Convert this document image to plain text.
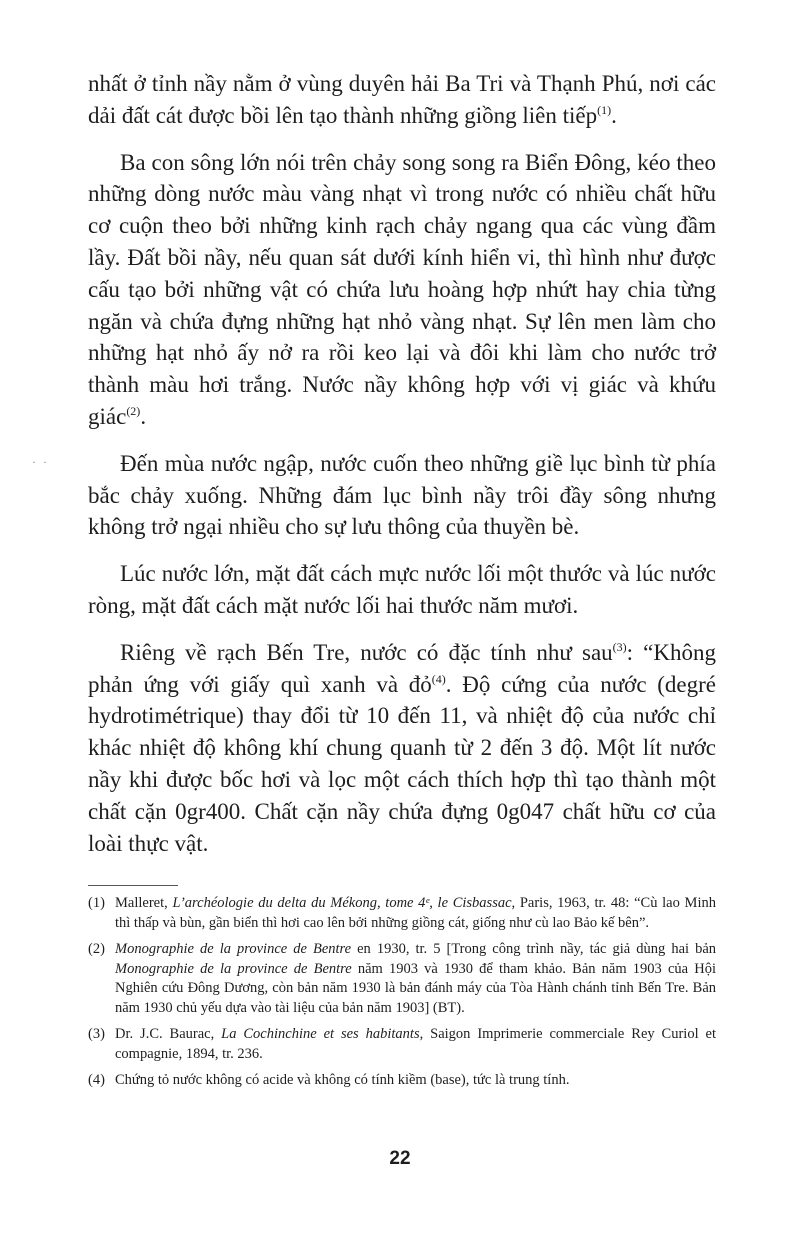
· ·

nhất ở tỉnh nầy nằm ở vùng duyên hải Ba Tri và Thạnh Phú, nơi các dải đất cát được bồi lên tạo thành những giồng liên tiếp$^{(1)}$.

Ba con sông lớn nói trên chảy song song ra Biển Đông, kéo theo những dòng nước màu vàng nhạt vì trong nước có nhiều chất hữu cơ cuộn theo bởi những kinh rạch chảy ngang qua các vùng đầm lầy. Đất bồi nầy, nếu quan sát dưới kính hiển vi, thì hình như được cấu tạo bởi những vật có chứa lưu hoàng hợp nhứt hay chia từng ngăn và chứa đựng những hạt nhỏ vàng nhạt. Sự lên men làm cho những hạt nhỏ ấy nở ra rồi keo lại và đôi khi làm cho nước trở thành màu hơi trắng. Nước nầy không hợp với vị giác và khứu giác$^{(2)}$.

Đến mùa nước ngập, nước cuốn theo những giề lục bình từ phía bắc chảy xuống. Những đám lục bình nầy trôi đầy sông nhưng không trở ngại nhiều cho sự lưu thông của thuyền bè.

Lúc nước lớn, mặt đất cách mực nước lối một thước và lúc nước ròng, mặt đất cách mặt nước lối hai thước năm mươi.

Riêng về rạch Bến Tre, nước có đặc tính như sau$^{(3)}$: “Không phản ứng với giấy quì xanh và đỏ$^{(4)}$. Độ cứng của nước (degré hydrotimétrique) thay đổi từ 10 đến 11, và nhiệt độ của nước chỉ khác nhiệt độ không khí chung quanh từ 2 đến 3 độ. Một lít nước nầy khi được bốc hơi và lọc một cách thích hợp thì tạo thành một chất cặn 0gr400. Chất cặn nầy chứa đựng 0g047 chất hữu cơ của loài thực vật.

(1) Malleret, L’archéologie du delta du Mékong, tome 4ᵉ, le Cisbassac, Paris, 1963, tr. 48: “Cù lao Minh thì thấp và bùn, gần biển thì hơi cao lên bởi những giồng cát, giống như cù lao Bảo kế bên”.
(2) Monographie de la province de Bentre en 1930, tr. 5 [Trong công trình nầy, tác giả dùng hai bản Monographie de la province de Bentre năm 1903 và 1930 để tham khảo. Bản năm 1903 của Hội Nghiên cứu Đông Dương, còn bản năm 1930 là bản đánh máy của Tòa Hành chánh tỉnh Bến Tre. Bản năm 1930 chủ yếu dựa vào tài liệu của bản năm 1903] (BT).
(3) Dr. J.C. Baurac, La Cochinchine et ses habitants, Saigon Imprimerie commerciale Rey Curiol et compagnie, 1894, tr. 236.
(4) Chứng tỏ nước không có acide và không có tính kiềm (base), tức là trung tính.
22
